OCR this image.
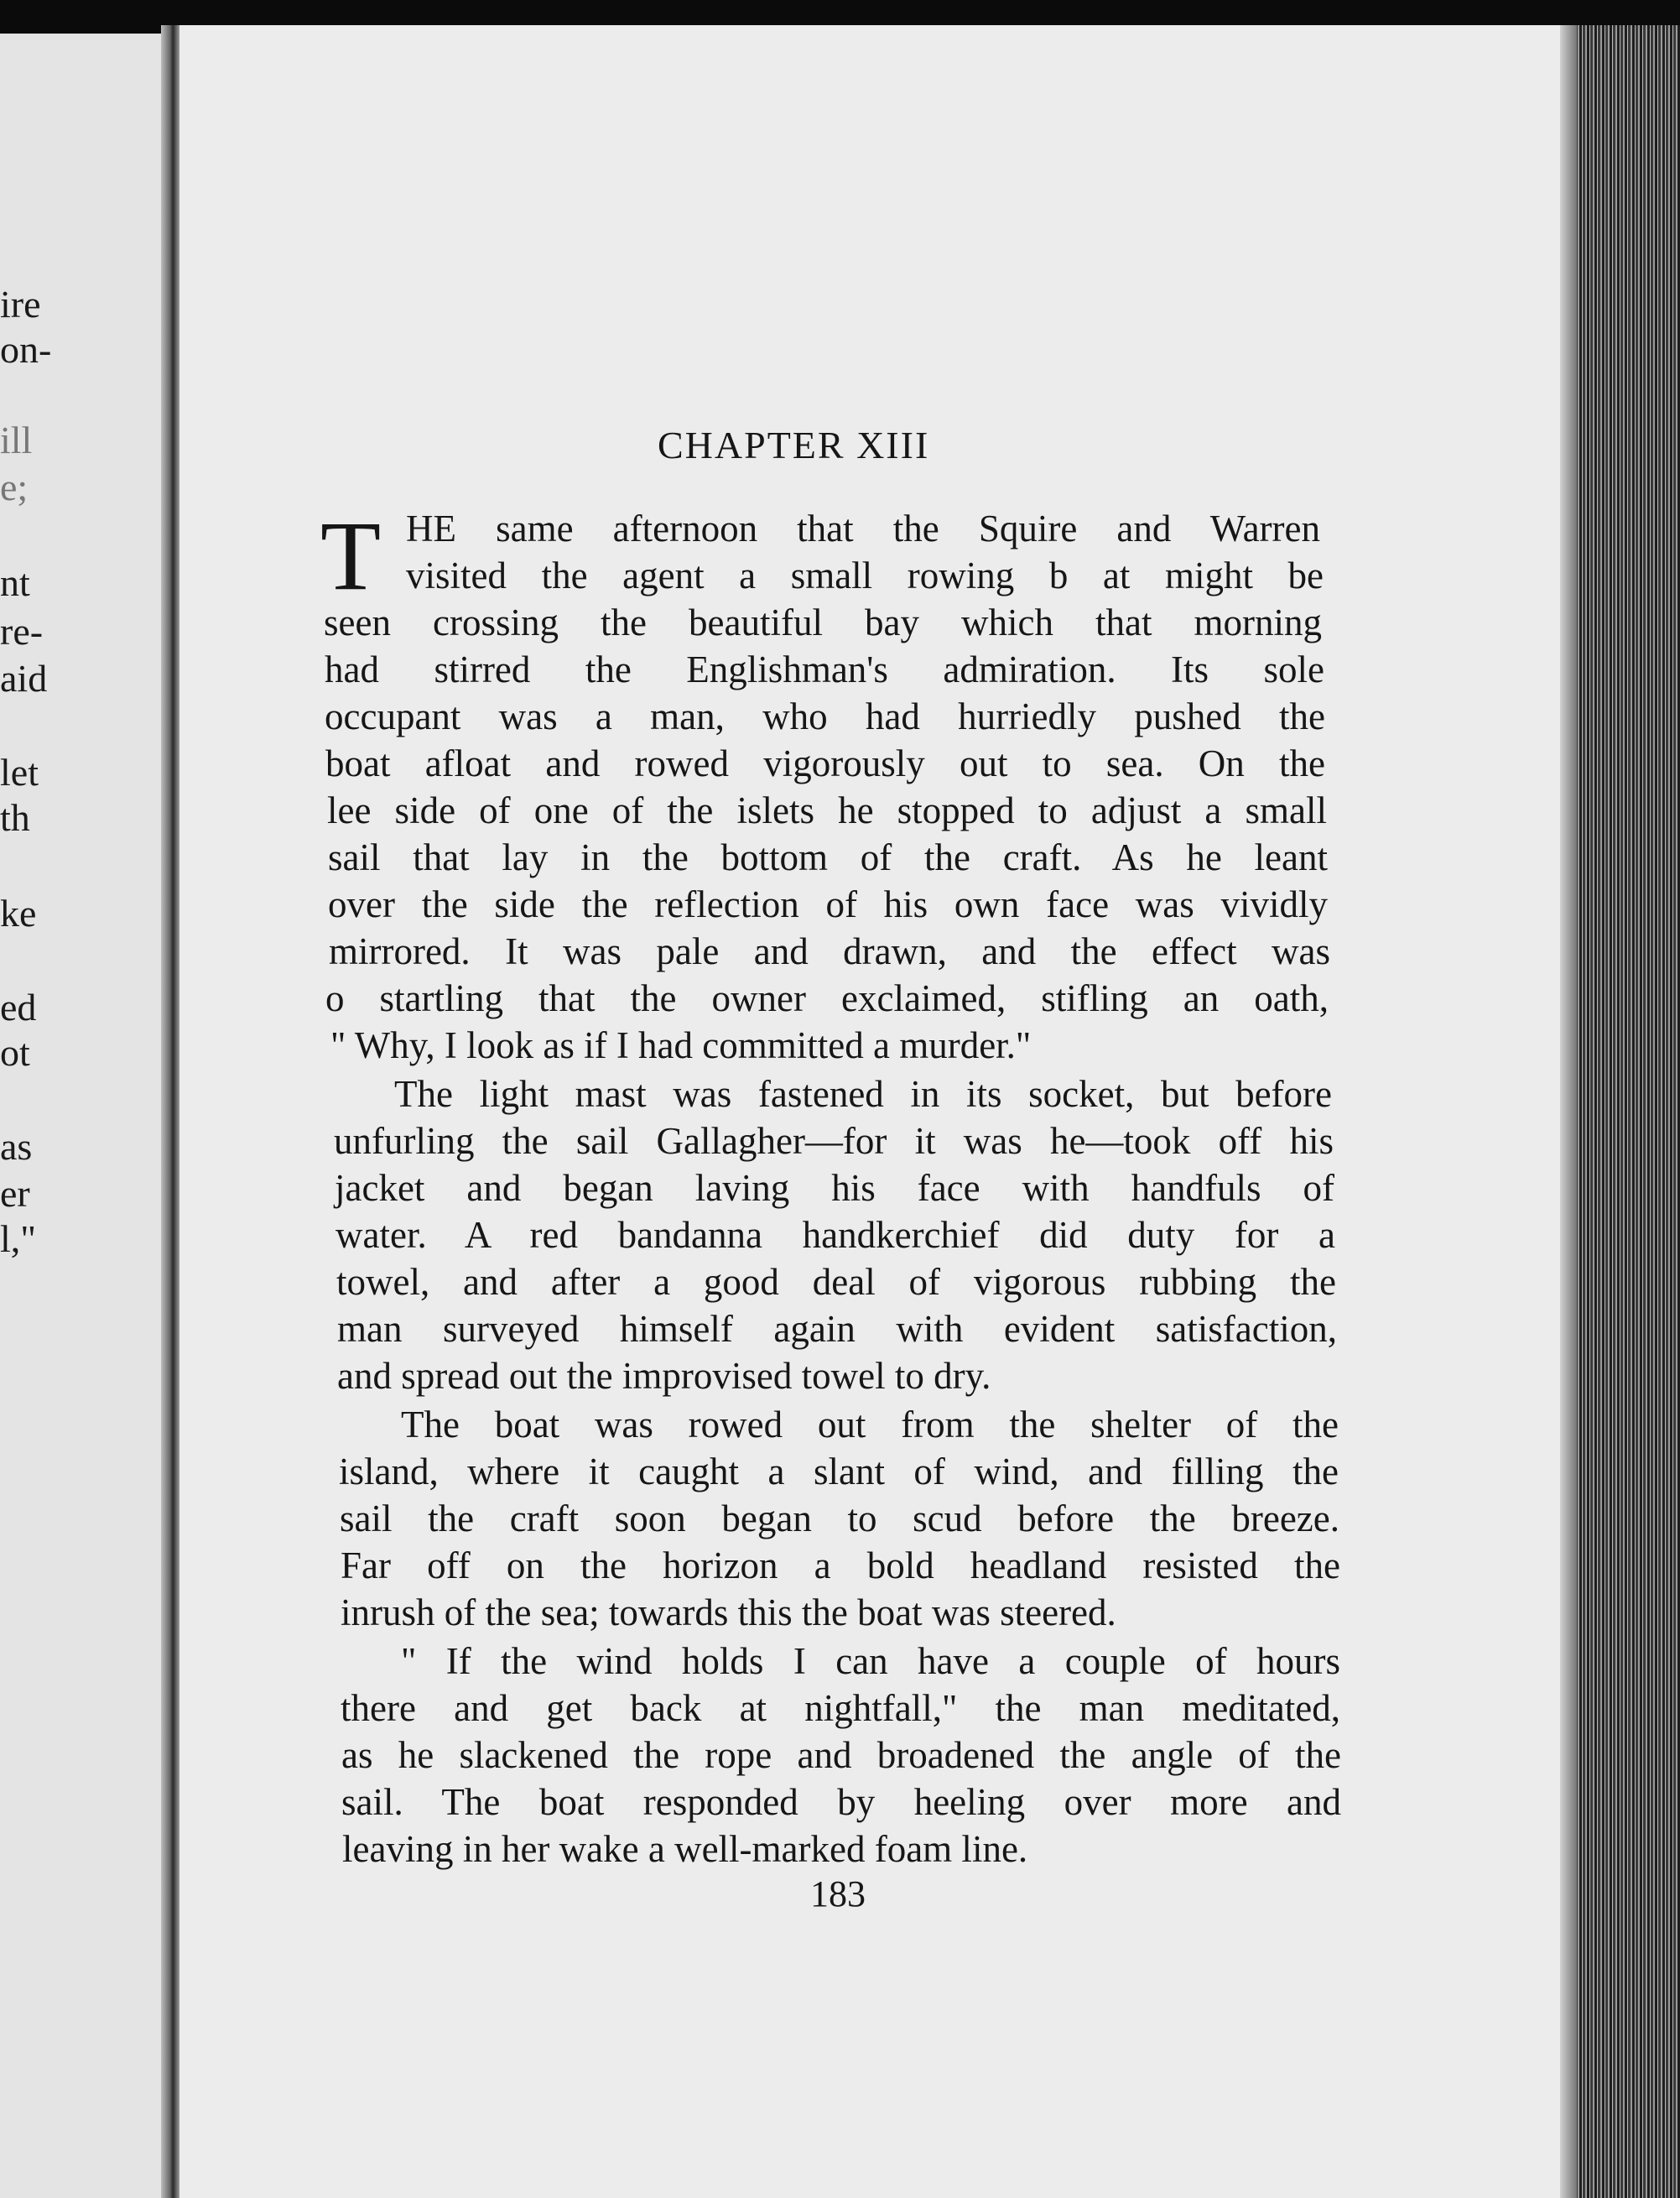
ire
on-
ill
e;
nt
re-
aid
let
th
ke
ed
ot
as
er
l,"
CHAPTER XIII
T HE same afternoon that the Squire and Warren
visited the agent a small rowing b at might be
seen crossing the beautiful bay which that morning
had stirred the Englishman's admiration. Its sole
occupant was a man, who had hurriedly pushed the
boat afloat and rowed vigorously out to sea. On the
lee side of one of the islets he stopped to adjust a small
sail that lay in the bottom of the craft. As he leant
over the side the reflection of his own face was vividly
mirrored. It was pale and drawn, and the effect was
o startling that the owner exclaimed, stifling an oath,
" Why, I look as if I had committed a murder."
The light mast was fastened in its socket, but before
unfurling the sail Gallagher—for it was he—took off his
jacket and began laving his face with handfuls of
water. A red bandanna handkerchief did duty for a
towel, and after a good deal of vigorous rubbing the
man surveyed himself again with evident satisfaction,
and spread out the improvised towel to dry.
The boat was rowed out from the shelter of the
island, where it caught a slant of wind, and filling the
sail the craft soon began to scud before the breeze.
Far off on the horizon a bold headland resisted the
inrush of the sea; towards this the boat was steered.
" If the wind holds I can have a couple of hours
there and get back at nightfall," the man meditated,
as he slackened the rope and broadened the angle of the
sail. The boat responded by heeling over more and
leaving in her wake a well-marked foam line.
183
